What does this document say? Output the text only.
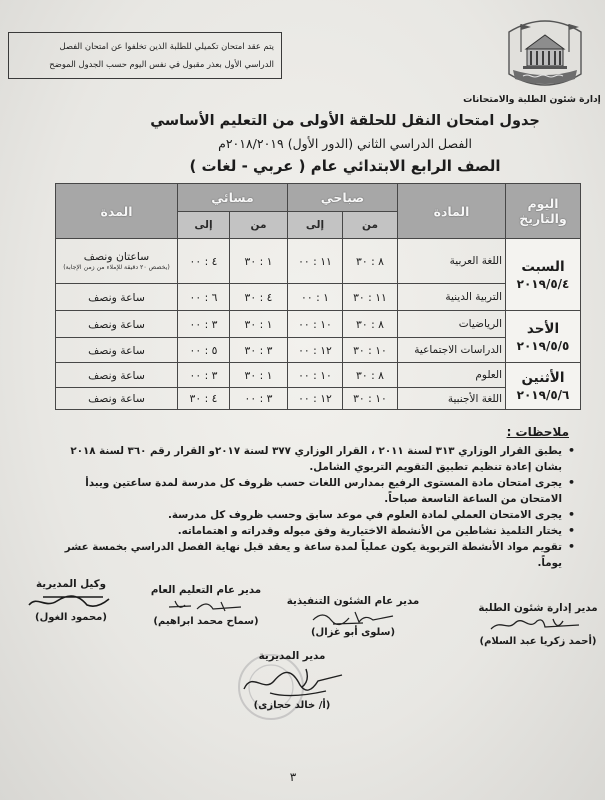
يتم عقد امتحان تكميلي للطلبة الذين تخلفوا عن امتحان الفصل
الدراسي الأول بعذر مقبول في نفس اليوم حسب الجدول الموضح
إدارة شئون الطلبة والامتحانات
جدول امتحان النقل للحلقة الأولى من التعليم الأساسي
الفصل الدراسي الثاني (الدور الأول) ٢٠١٨/٢٠١٩م
الصف الرابع الابتدائي عام ( عربي - لغات )
اليوم
والتاريخ	المادة	صباحي		مسائي		المدة
		من	إلى	من	إلى	

السبت
٢٠١٩/٥/٤	اللغة العربية	٨ : ٣٠	١١ : ٠٠	١ : ٣٠	٤ : ٠٠	ساعتان ونصف
(يخصص ٢٠ دقيقة للإملاء من زمن الإجابة)

	التربية الدينية	١١ : ٣٠	١ : ٠٠	٤ : ٣٠	٦ : ٠٠	ساعة ونصف

الأحد
٢٠١٩/٥/٥	الرياضيات	٨ : ٣٠	١٠ : ٠٠	١ : ٣٠	٣ : ٠٠	ساعة ونصف
	الدراسات الاجتماعية	١٠ : ٣٠	١٢ : ٠٠	٣ : ٣٠	٥ : ٠٠	ساعة ونصف

الأثنين
٢٠١٩/٥/٦	العلوم	٨ : ٣٠	١٠ : ٠٠	١ : ٣٠	٣ : ٠٠	ساعة ونصف
	اللغة الأجنبية	١٠ : ٣٠	١٢ : ٠٠	٣ : ٠٠	٤ : ٣٠	ساعة ونصف
ملاحظات :
• يطبق القرار الوزاري ٣١٣ لسنة ٢٠١١ ، القرار الوزاري ٣٧٧ لسنة ٢٠١٧و القرار رقم ٣٦٠ لسنة ٢٠١٨ بشان إعادة تنظيم تطبيق التقويم التربوي الشامل.
• يجرى امتحان مادة المستوى الرفيع بمدارس اللغات حسب ظروف كل مدرسة لمدة ساعتين ويبدأ الامتحان من الساعة التاسعة صباحاً.
• يجرى الامتحان العملي لمادة العلوم في موعد سابق وحسب ظروف كل مدرسة.
• يختار التلميذ نشاطين من الأنشطة الاختيارية وفق ميوله وقدراته و اهتماماته.
• تقويم مواد الأنشطة التربوية يكون عملياً لمدة ساعة و يعقد قبل نهاية الفصل الدراسي بخمسة عشر يوماً.
مدير إدارة شئون الطلبة
(أحمد زكريا عبد السلام)
مدير عام الشئون التنفيذية
(سلوى أبو غزال)
مدير عام التعليم العام
(سماح محمد ابراهيم)
وكيل المديرية
(محمود الغول)
مدير المديرية
(أ/ خالد حجازى)
٣
